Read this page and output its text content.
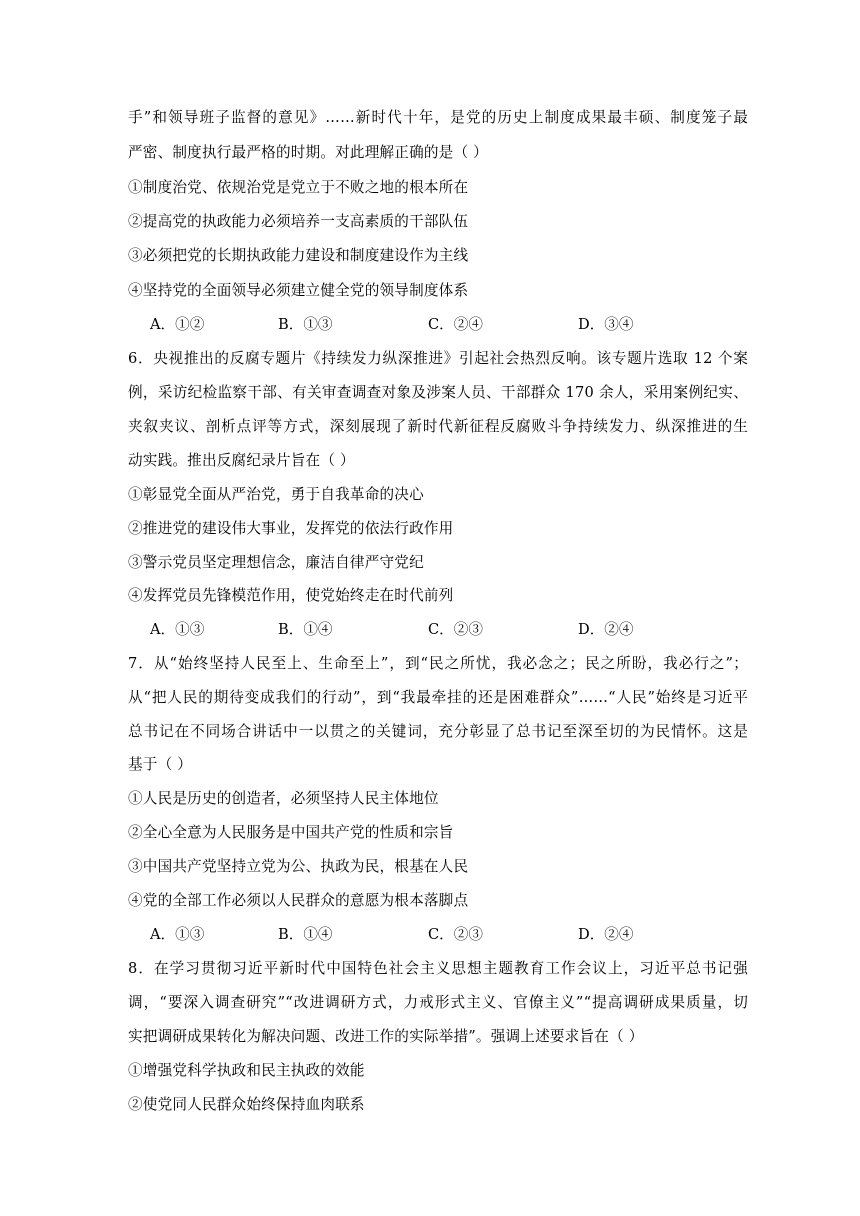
手”和领导班子监督的意见》……新时代十年，是党的历史上制度成果最丰硕、制度笼子最
严密、制度执行最严格的时期。对此理解正确的是（ ）
①制度治党、依规治党是党立于不败之地的根本所在
②提高党的执政能力必须培养一支高素质的干部队伍
③必须把党的长期执政能力建设和制度建设作为主线
④坚持党的全面领导必须建立健全党的领导制度体系
A．①②	B．①③	C．②④	D．③④
6．央视推出的反腐专题片《持续发力纵深推进》引起社会热烈反响。该专题片选取 12 个案
例，采访纪检监察干部、有关审查调查对象及涉案人员、干部群众 170 余人，采用案例纪实、
夹叙夹议、剖析点评等方式，深刻展现了新时代新征程反腐败斗争持续发力、纵深推进的生
动实践。推出反腐纪录片旨在（ ）
①彰显党全面从严治党，勇于自我革命的决心
②推进党的建设伟大事业，发挥党的依法行政作用
③警示党员坚定理想信念，廉洁自律严守党纪
④发挥党员先锋模范作用，使党始终走在时代前列
A．①③	B．①④	C．②③	D．②④
7．从“始终坚持人民至上、生命至上”，到“民之所忧，我必念之；民之所盼，我必行之”；
从“把人民的期待变成我们的行动”，到“我最牵挂的还是困难群众”……“人民”始终是习近平
总书记在不同场合讲话中一以贯之的关键词，充分彰显了总书记至深至切的为民情怀。这是
基于（ ）
①人民是历史的创造者，必须坚持人民主体地位
②全心全意为人民服务是中国共产党的性质和宗旨
③中国共产党坚持立党为公、执政为民，根基在人民
④党的全部工作必须以人民群众的意愿为根本落脚点
A．①③	B．①④	C．②③	D．②④
8．在学习贯彻习近平新时代中国特色社会主义思想主题教育工作会议上，习近平总书记强
调，“要深入调查研究”“改进调研方式，力戒形式主义、官僚主义”“提高调研成果质量，切
实把调研成果转化为解决问题、改进工作的实际举措”。强调上述要求旨在（ ）
①增强党科学执政和民主执政的效能
②使党同人民群众始终保持血肉联系
